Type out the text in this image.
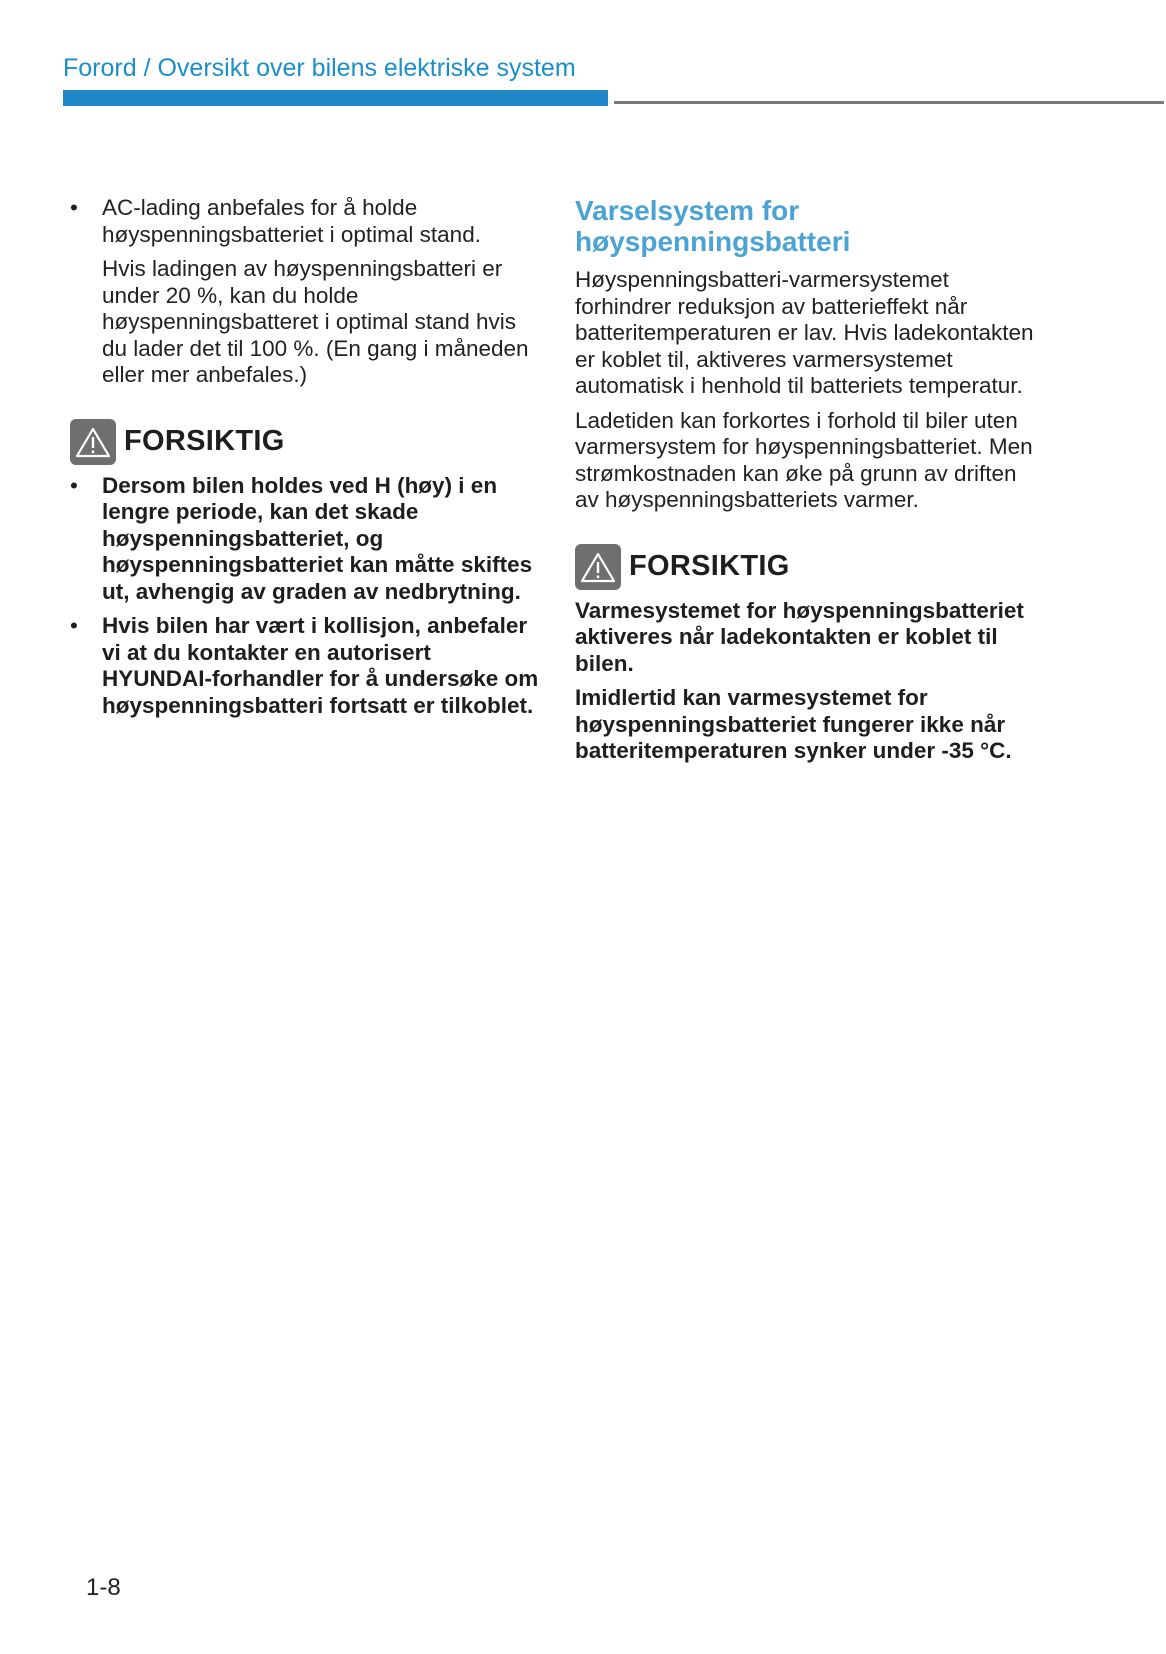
Forord / Oversikt over bilens elektriske system
•	AC-lading anbefales for å holde høyspenningsbatteriet i optimal stand.

Hvis ladingen av høyspenningsbatteri er under 20 %, kan du holde høyspenningsbatteret i optimal stand hvis du lader det til 100 %. (En gang i måneden eller mer anbefales.)

FORSIKTIG
•	Dersom bilen holdes ved H (høy) i en lengre periode, kan det skade høyspenningsbatteriet, og høyspenningsbatteriet kan måtte skiftes ut, avhengig av graden av nedbrytning.

•	Hvis bilen har vært i kollisjon, anbefaler vi at du kontakter en autorisert HYUNDAI-forhandler for å undersøke om høyspenningsbatteri fortsatt er tilkoblet.

Varselsystem for høyspenningsbatteri

Høyspenningsbatteri-varmersystemet forhindrer reduksjon av batterieffekt når batteritemperaturen er lav. Hvis ladekontakten er koblet til, aktiveres varmersystemet automatisk i henhold til batteriets temperatur.

Ladetiden kan forkortes i forhold til biler uten varmersystem for høyspenningsbatteriet. Men strømkostnaden kan øke på grunn av driften av høyspenningsbatteriets varmer.

FORSIKTIG

Varmesystemet for høyspenningsbatteriet aktiveres når ladekontakten er koblet til bilen.

Imidlertid kan varmesystemet for høyspenningsbatteriet fungerer ikke når batteritemperaturen synker under -35 °C.

1-8
